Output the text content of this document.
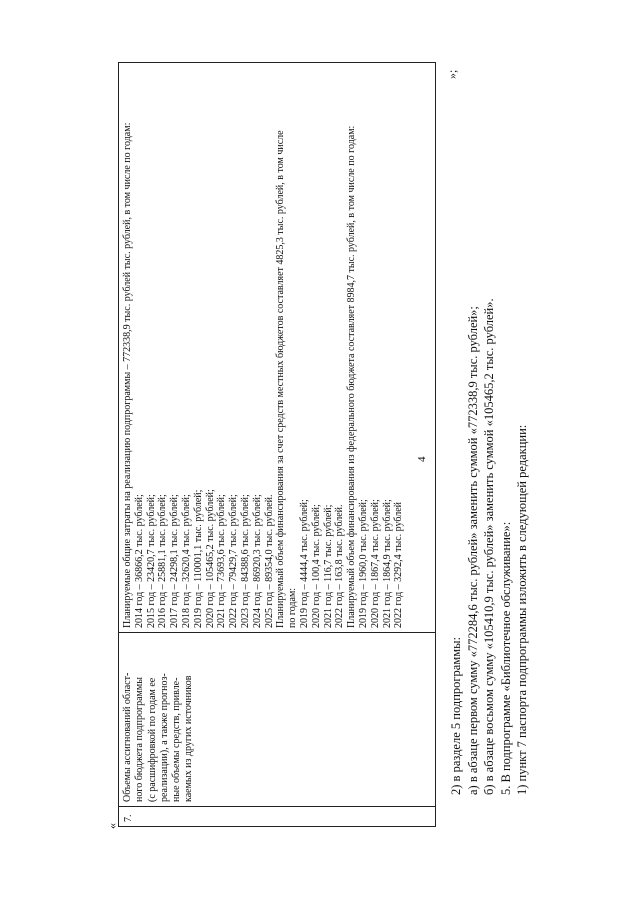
4
«
7.
Объемы ассигнований област- ного бюджета подпрограммы (с расшифровкой по годам ее реализации), а также прогноз- ные объемы средств, привле- каемых из других источников
Планируемые общие затраты на реализацию подпрограммы – 772338,9 тыс. рублей тыс. рублей, в том числе по годам: 2014 год – 36866,2 тыс. рублей; 2015 год – 23420,7 тыс. рублей; 2016 год – 25881,1 тыс. рублей; 2017 год – 24298,1 тыс. рублей; 2018 год – 32620,4 тыс. рублей; 2019 год – 110001,1 тыс. рублей; 2020 год – 105465,2 тыс. рублей; 2021 год – 73693,6 тыс. рублей; 2022 год – 79429,7 тыс. рублей; 2023 год – 84388,6 тыс. рублей; 2024 год – 86920,3 тыс. рублей; 2025 год – 89354,0 тыс. рублей. Планируемый объем финансирования за счет средств местных бюджетов составляет 4825,3 тыс. рублей, в том числе по годам: 2019 год – 4444,4 тыс. рублей; 2020 год – 100,4 тыс. рублей; 2021 год – 116,7 тыс. рублей; 2022 год – 163,8 тыс. рублей. Планируемый объем финансирования из федерального бюджета составляет 8984,7 тыс. рублей, в том числе по годам: 2019 год – 1960,0 тыс. рублей; 2020 год – 1867,4 тыс. рублей; 2021 год – 1864,9 тыс. рублей; 2022 год – 3292,4 тыс. рублей
»;
2) в разделе 5 подпрограммы: а) в абзаце первом сумму «772284,6 тыс. рублей» заменить суммой «772338,9 тыс. рублей»; б) в абзаце восьмом сумму «105410,9 тыс. рублей» заменить суммой «105465,2 тыс. рублей». 5. В подпрограмме «Библиотечное обслуживание»: 1) пункт 7 паспорта подпрограммы изложить в следующей редакции:
